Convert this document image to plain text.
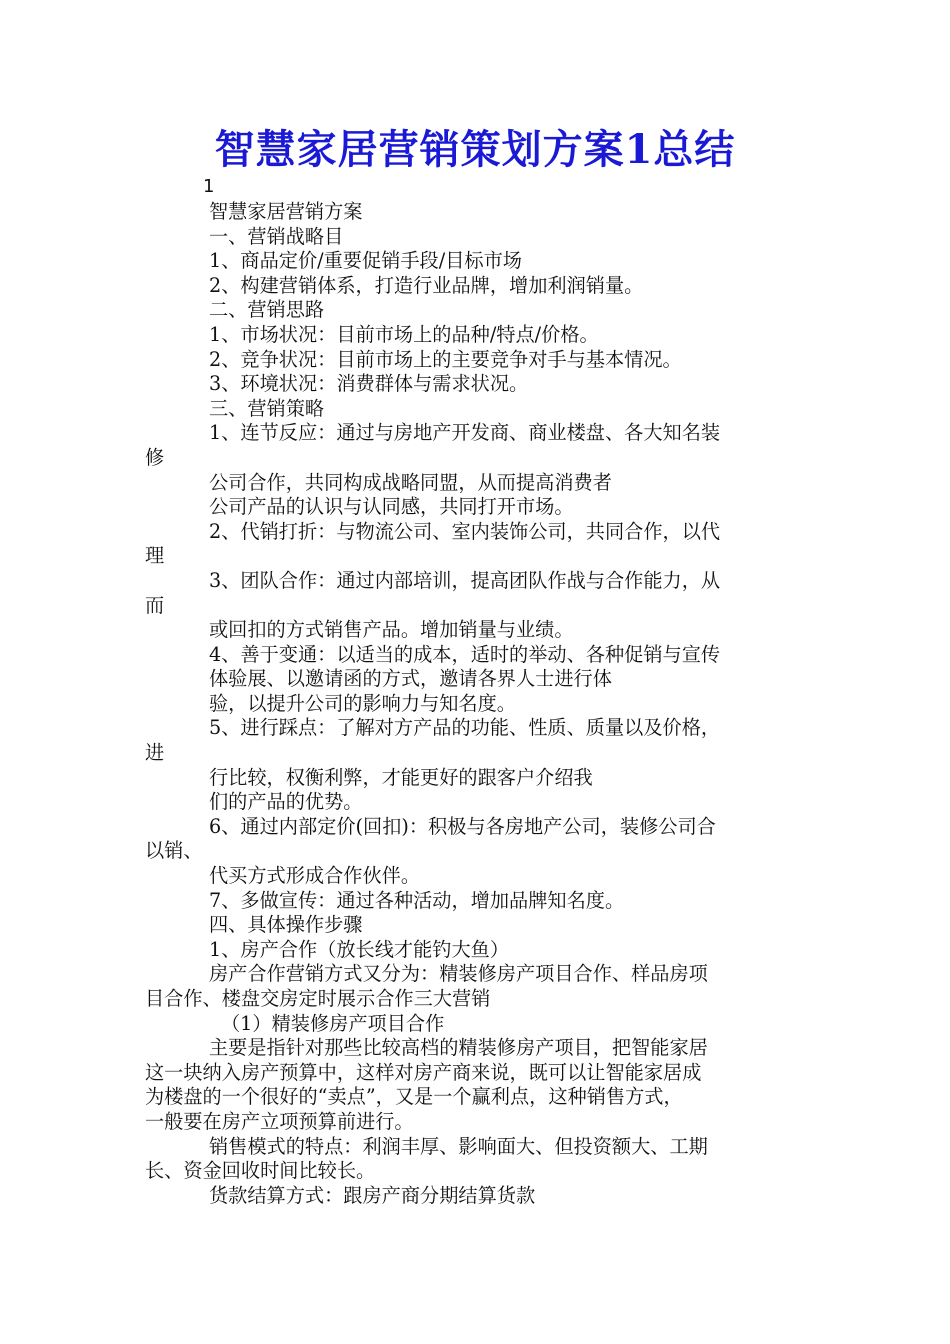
智慧家居营销策划方案1总结
1
智慧家居营销方案
一、营销战略目
1、商品定价/重要促销手段/目标市场
2、构建营销体系，打造行业品牌，增加利润销量。
二、营销思路
1、市场状况：目前市场上的品种/特点/价格。
2、竞争状况：目前市场上的主要竞争对手与基本情况。
3、环境状况：消费群体与需求状况。
三、营销策略
1、连节反应：通过与房地产开发商、商业楼盘、各大知名装
修
公司合作，共同构成战略同盟，从而提高消费者
公司产品的认识与认同感，共同打开市场。
2、代销打折：与物流公司、室内装饰公司，共同合作，以代
理
3、团队合作：通过内部培训，提高团队作战与合作能力，从
而
或回扣的方式销售产品。增加销量与业绩。
4、善于变通：以适当的成本，适时的举动、各种促销与宣传
体验展、以邀请函的方式，邀请各界人士进行体
验，以提升公司的影响力与知名度。
5、进行踩点：了解对方产品的功能、性质、质量以及价格，
进
行比较，权衡利弊，才能更好的跟客户介绍我
们的产品的优势。
6、通过内部定价(回扣)：积极与各房地产公司，装修公司合
以销、
代买方式形成合作伙伴。
7、多做宣传：通过各种活动，增加品牌知名度。
四、具体操作步骤
1、房产合作（放长线才能钓大鱼）
房产合作营销方式又分为：精装修房产项目合作、样品房项
目合作、楼盘交房定时展示合作三大营销
（1）精装修房产项目合作
主要是指针对那些比较高档的精装修房产项目，把智能家居
这一块纳入房产预算中，这样对房产商来说，既可以让智能家居成
为楼盘的一个很好的“卖点”，又是一个赢利点，这种销售方式，
一般要在房产立项预算前进行。
销售模式的特点：利润丰厚、影响面大、但投资额大、工期
长、资金回收时间比较长。
货款结算方式：跟房产商分期结算货款
